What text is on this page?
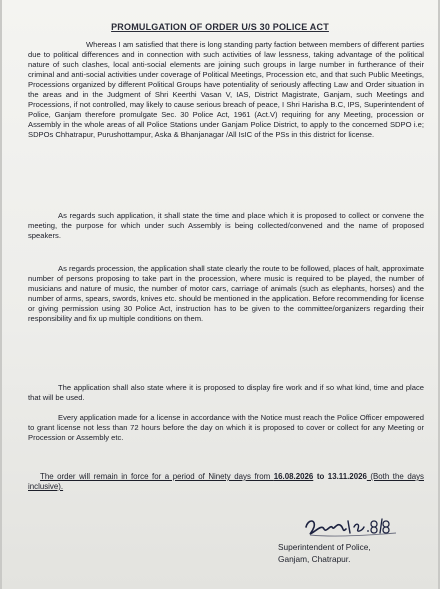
PROMULGATION OF ORDER U/S 30 POLICE ACT

Whereas I am satisfied that there is long standing party faction between members of different parties due to political differences and in connection with such activities of law lessness, taking advantage of the political nature of such clashes, local anti-social elements are joining such groups in large number in furtherance of their criminal and anti-social activities under coverage of Political Meetings, Procession etc, and that such Public Meetings, Processions organized by different Political Groups have potentiality of seriously affecting Law and Order situation in the areas and in the Judgment of Shri Keerthi Vasan V, IAS, District Magistrate, Ganjam, such Meetings and Processions, if not controlled, may likely to cause serious breach of peace, I Shri Harisha B.C, IPS, Superintendent of Police, Ganjam therefore promulgate Sec. 30 Police Act, 1961 (Act.V) requiring for any Meeting, procession or Assembly in the whole areas of all Police Stations under Ganjam Police District, to apply to the concerned SDPO i.e; SDPOs Chhatrapur, Purushottampur, Aska & Bhanjanagar /All IsIC of the PSs in this district for license.

As regards such application, it shall state the time and place which it is proposed to collect or convene the meeting, the purpose for which under such Assembly is being collected/convened and the name of proposed speakers.

As regards procession, the application shall state clearly the route to be followed, places of halt, approximate number of persons proposing to take part in the procession, where music is required to be played, the number of musicians and nature of music, the number of motor cars, carriage of animals (such as elephants, horses) and the number of arms, spears, swords, knives etc. should be mentioned in the application. Before recommending for license or giving permission using 30 Police Act, instruction has to be given to the committee/organizers regarding their responsibility and fix up multiple conditions on them.

The application shall also state where it is proposed to display fire work and if so what kind, time and place that will be used.

Every application made for a license in accordance with the Notice must reach the Police Officer empowered to grant license not less than 72 hours before the day on which it is proposed to cover or collect for any Meeting or Procession or Assembly etc.

The order will remain in force for a period of Ninety days from 16.08.2026 to 13.11.2026 (Both the days inclusive).

Superintendent of Police,
Ganjam, Chatrapur.
